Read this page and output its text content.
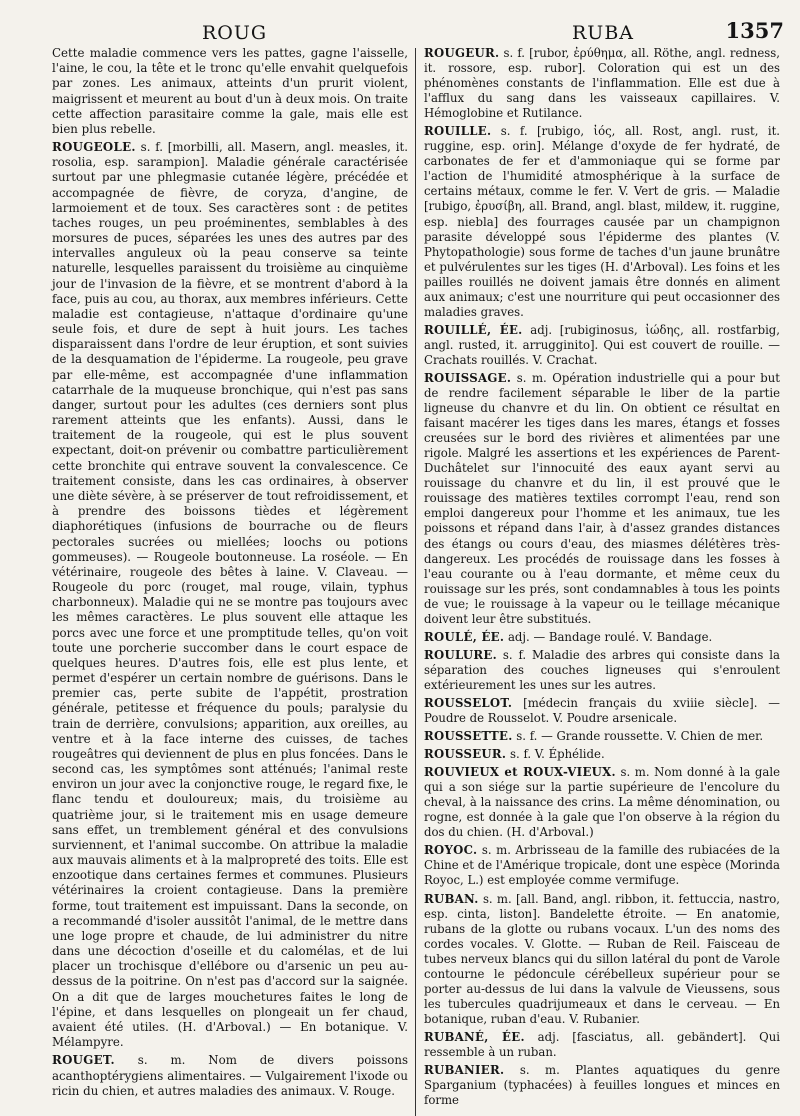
ROUG	RUBA	1357

Cette maladie commence vers les pattes, gagne l'aisselle, l'aine, le cou, la tête et le tronc qu'elle envahit quelquefois par zones. Les animaux, atteints d'un prurit violent, maigrissent et meurent au bout d'un à deux mois. On traite cette affection parasitaire comme la gale, mais elle est bien plus rebelle.

ROUGEOLE. s. f. [morbilli, all. Masern, angl. measles, it. rosolia, esp. sarampion]. Maladie générale caractérisée surtout par une phlegmasie cutanée légère, précédée et accompagnée de fièvre, de coryza, d'angine, de larmoiement et de toux. Ses caractères sont : de petites taches rouges, un peu proéminentes, semblables à des morsures de puces, séparées les unes des autres par des intervalles anguleux où la peau conserve sa teinte naturelle, lesquelles paraissent du troisième au cinquième jour de l'invasion de la fièvre, et se montrent d'abord à la face, puis au cou, au thorax, aux membres inférieurs. Cette maladie est contagieuse, n'attaque d'ordinaire qu'une seule fois, et dure de sept à huit jours. Les taches disparaissent dans l'ordre de leur éruption, et sont suivies de la desquamation de l'épiderme. La rougeole, peu grave par elle-même, est accompagnée d'une inflammation catarrhale de la muqueuse bronchique, qui n'est pas sans danger, surtout pour les adultes (ces derniers sont plus rarement atteints que les enfants). Aussi, dans le traitement de la rougeole, qui est le plus souvent expectant, doit-on prévenir ou combattre particulièrement cette bronchite qui entrave souvent la convalescence. Ce traitement consiste, dans les cas ordinaires, à observer une diète sévère, à se préserver de tout refroidissement, et à prendre des boissons tièdes et légèrement diaphorétiques (infusions de bourrache ou de fleurs pectorales sucrées ou miellées; loochs ou potions gommeuses). — Rougeole boutonneuse. La roséole. — En vétérinaire, rougeole des bêtes à laine. V. Claveau. — Rougeole du porc (rouget, mal rouge, vilain, typhus charbonneux). Maladie qui ne se montre pas toujours avec les mêmes caractères. Le plus souvent elle attaque les porcs avec une force et une promptitude telles, qu'on voit toute une porcherie succomber dans le court espace de quelques heures. D'autres fois, elle est plus lente, et permet d'espérer un certain nombre de guérisons. Dans le premier cas, perte subite de l'appétit, prostration générale, petitesse et fréquence du pouls; paralysie du train de derrière, convulsions; apparition, aux oreilles, au ventre et à la face interne des cuisses, de taches rougeâtres qui deviennent de plus en plus foncées. Dans le second cas, les symptômes sont atténués; l'animal reste environ un jour avec la conjonctive rouge, le regard fixe, le flanc tendu et douloureux; mais, du troisième au quatrième jour, si le traitement mis en usage demeure sans effet, un tremblement général et des convulsions surviennent, et l'animal succombe. On attribue la maladie aux mauvais aliments et à la malpropreté des toits. Elle est enzootique dans certaines fermes et communes. Plusieurs vétérinaires la croient contagieuse. Dans la première forme, tout traitement est impuissant. Dans la seconde, on a recommandé d'isoler aussitôt l'animal, de le mettre dans une loge propre et chaude, de lui administrer du nitre dans une décoction d'oseille et du calomélas, et de lui placer un trochisque d'ellébore ou d'arsenic un peu au-dessus de la poitrine. On n'est pas d'accord sur la saignée. On a dit que de larges mouchetures faites le long de l'épine, et dans lesquelles on plongeait un fer chaud, avaient été utiles. (H. d'Arboval.) — En botanique. V. Mélampyre.

ROUGET. s. m. Nom de divers poissons acanthoptérygiens alimentaires. — Vulgairement l'ixode ou ricin du chien, et autres maladies des animaux. V. Rouge.

ROUGEUR. s. f. [rubor, ἐρύθημα, all. Röthe, angl. redness, it. rossore, esp. rubor]. Coloration qui est un des phénomènes constants de l'inflammation. Elle est due à l'afflux du sang dans les vaisseaux capillaires. V. Hémoglobine et Rutilance.

ROUILLE. s. f. [rubigo, ἰός, all. Rost, angl. rust, it. ruggine, esp. orin]. Mélange d'oxyde de fer hydraté, de carbonates de fer et d'ammoniaque qui se forme par l'action de l'humidité atmosphérique à la surface de certains métaux, comme le fer. V. Vert de gris. — Maladie [rubigo, ἐρυσίβη, all. Brand, angl. blast, mildew, it. ruggine, esp. niebla] des fourrages causée par un champignon parasite développé sous l'épiderme des plantes (V. Phytopathologie) sous forme de taches d'un jaune brunâtre et pulvérulentes sur les tiges (H. d'Arboval). Les foins et les pailles rouillés ne doivent jamais être donnés en aliment aux animaux; c'est une nourriture qui peut occasionner des maladies graves.

ROUILLÉ, ÉE. adj. [rubiginosus, ἰώδης, all. rostfarbig, angl. rusted, it. arrugginito]. Qui est couvert de rouille. — Crachats rouillés. V. Crachat.

ROUISSAGE. s. m. Opération industrielle qui a pour but de rendre facilement séparable le liber de la partie ligneuse du chanvre et du lin. On obtient ce résultat en faisant macérer les tiges dans les mares, étangs et fosses creusées sur le bord des rivières et alimentées par une rigole. Malgré les assertions et les expériences de Parent-Duchâtelet sur l'innocuité des eaux ayant servi au rouissage du chanvre et du lin, il est prouvé que le rouissage des matières textiles corrompt l'eau, rend son emploi dangereux pour l'homme et les animaux, tue les poissons et répand dans l'air, à d'assez grandes distances des étangs ou cours d'eau, des miasmes délétères très-dangereux. Les procédés de rouissage dans les fosses à l'eau courante ou à l'eau dormante, et même ceux du rouissage sur les prés, sont condamnables à tous les points de vue; le rouissage à la vapeur ou le teillage mécanique doivent leur être substitués.

ROULÉ, ÉE. adj. — Bandage roulé. V. Bandage.

ROULURE. s. f. Maladie des arbres qui consiste dans la séparation des couches ligneuses qui s'enroulent extérieurement les unes sur les autres.

ROUSSELOT. [médecin français du xviiie siècle]. — Poudre de Rousselot. V. Poudre arsenicale.

ROUSSETTE. s. f. — Grande roussette. V. Chien de mer.

ROUSSEUR. s. f. V. Éphélide.

ROUVIEUX et ROUX-VIEUX. s. m. Nom donné à la gale qui a son siége sur la partie supérieure de l'encolure du cheval, à la naissance des crins. La même dénomination, ou rogne, est donnée à la gale que l'on observe à la région du dos du chien. (H. d'Arboval.)

ROYOC. s. m. Arbrisseau de la famille des rubiacées de la Chine et de l'Amérique tropicale, dont une espèce (Morinda Royoc, L.) est employée comme vermifuge.

RUBAN. s. m. [all. Band, angl. ribbon, it. fettuccia, nastro, esp. cinta, liston]. Bandelette étroite. — En anatomie, rubans de la glotte ou rubans vocaux. L'un des noms des cordes vocales. V. Glotte. — Ruban de Reil. Faisceau de tubes nerveux blancs qui du sillon latéral du pont de Varole contourne le pédoncule cérébelleux supérieur pour se porter au-dessus de lui dans la valvule de Vieussens, sous les tubercules quadrijumeaux et dans le cerveau. — En botanique, ruban d'eau. V. Rubanier.

RUBANÉ, ÉE. adj. [fasciatus, all. gebändert]. Qui ressemble à un ruban.

RUBANIER. s. m. Plantes aquatiques du genre Sparganium (typhacées) à feuilles longues et minces en forme
